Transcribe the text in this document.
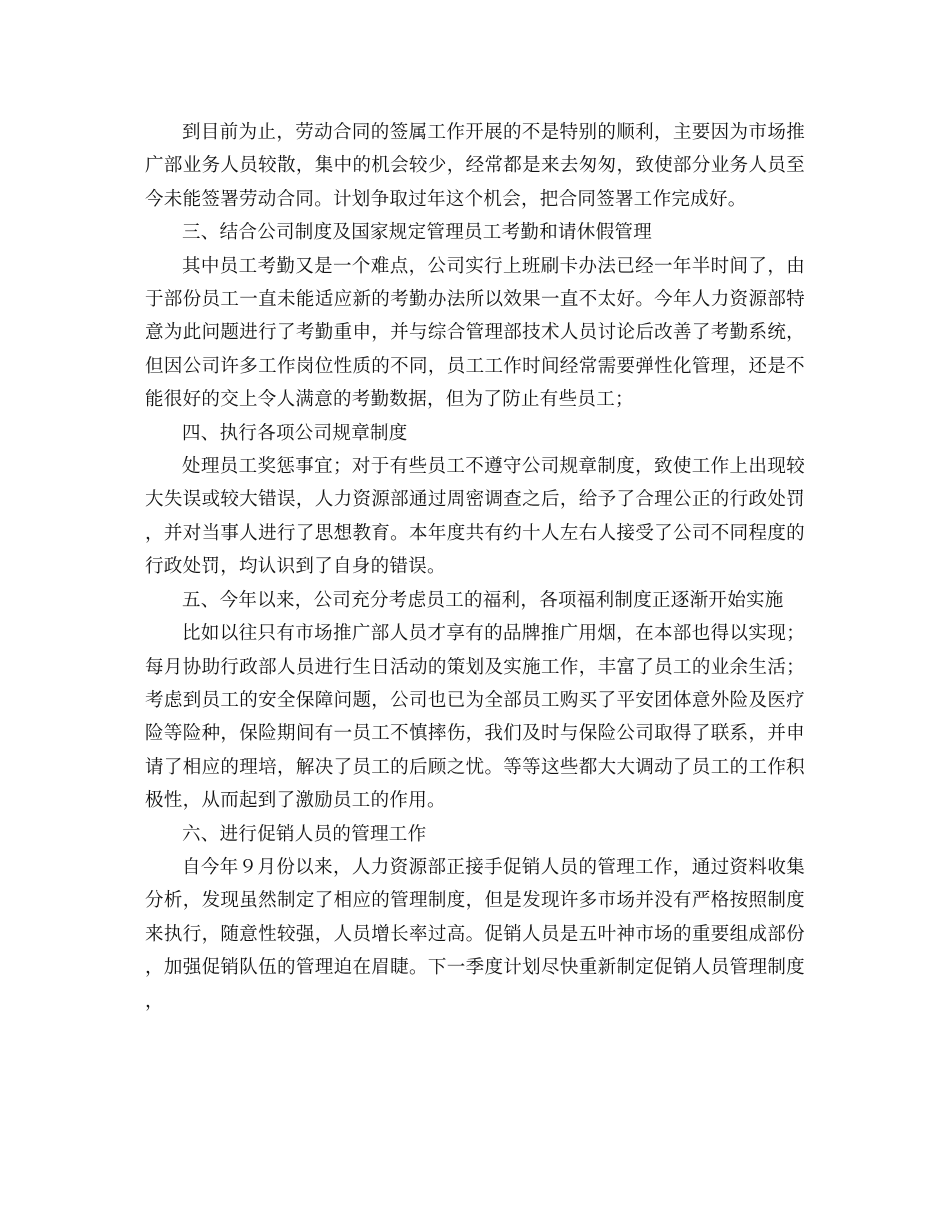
到目前为止，劳动合同的签属工作开展的不是特别的顺利，主要因为市场推广部业务人员较散，集中的机会较少，经常都是来去匆匆，致使部分业务人员至今未能签署劳动合同。计划争取过年这个机会，把合同签署工作完成好。

三、结合公司制度及国家规定管理员工考勤和请休假管理

其中员工考勤又是一个难点，公司实行上班刷卡办法已经一年半时间了，由于部份员工一直未能适应新的考勤办法所以效果一直不太好。今年人力资源部特意为此问题进行了考勤重申，并与综合管理部技术人员讨论后改善了考勤系统，但因公司许多工作岗位性质的不同，员工工作时间经常需要弹性化管理，还是不能很好的交上令人满意的考勤数据，但为了防止有些员工；

四、执行各项公司规章制度

处理员工奖惩事宜；对于有些员工不遵守公司规章制度，致使工作上出现较大失误或较大错误，人力资源部通过周密调查之后，给予了合理公正的行政处罚，并对当事人进行了思想教育。本年度共有约十人左右人接受了公司不同程度的行政处罚，均认识到了自身的错误。

五、今年以来，公司充分考虑员工的福利，各项福利制度正逐渐开始实施

比如以往只有市场推广部人员才享有的品牌推广用烟，在本部也得以实现；每月协助行政部人员进行生日活动的策划及实施工作，丰富了员工的业余生活；考虑到员工的安全保障问题，公司也已为全部员工购买了平安团体意外险及医疗险等险种，保险期间有一员工不慎摔伤，我们及时与保险公司取得了联系，并申请了相应的理培，解决了员工的后顾之忧。等等这些都大大调动了员工的工作积极性，从而起到了激励员工的作用。

六、进行促销人员的管理工作

自今年９月份以来，人力资源部正接手促销人员的管理工作，通过资料收集分析，发现虽然制定了相应的管理制度，但是发现许多市场并没有严格按照制度来执行，随意性较强，人员增长率过高。促销人员是五叶神市场的重要组成部份，加强促销队伍的管理迫在眉睫。下一季度计划尽快重新制定促销人员管理制度，
